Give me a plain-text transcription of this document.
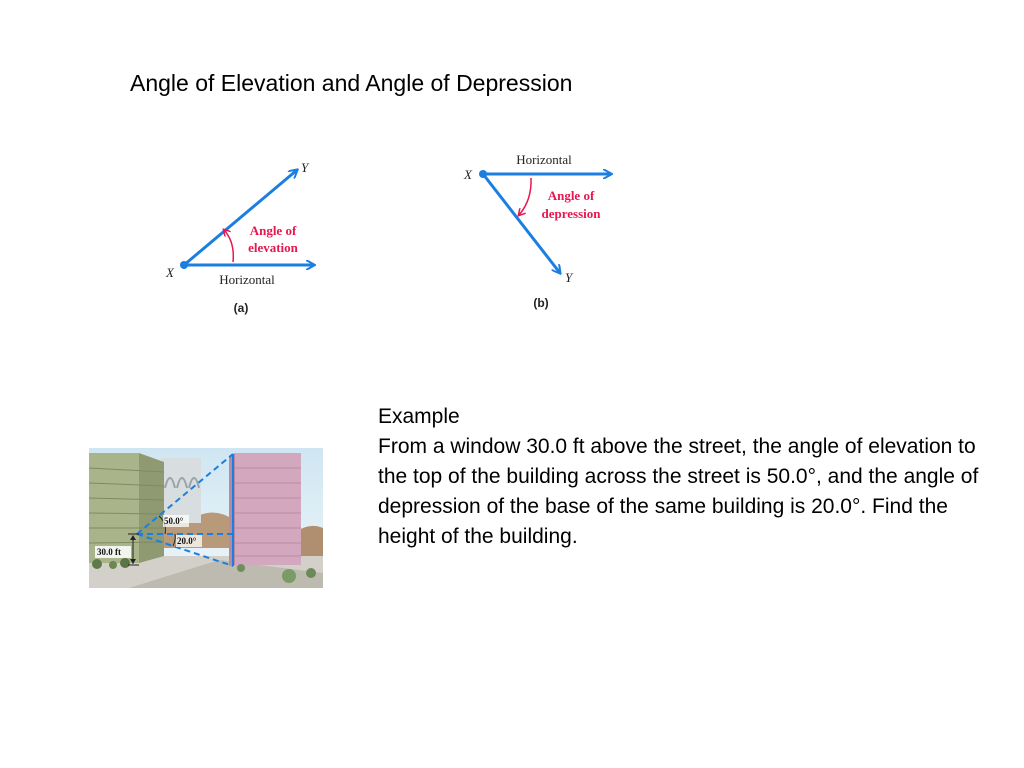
Angle of Elevation and Angle of Depression
X
Y
Angle of
elevation
Horizontal
(a)
X
Y
Horizontal
Angle of
depression
(b)
50.0°
20.0°
30.0 ft
Example
From a window 30.0 ft above the street, the angle of elevation to the top of the building across the street is 50.0°, and the angle of depression of the base of the same building is 20.0°. Find the height of the building.
